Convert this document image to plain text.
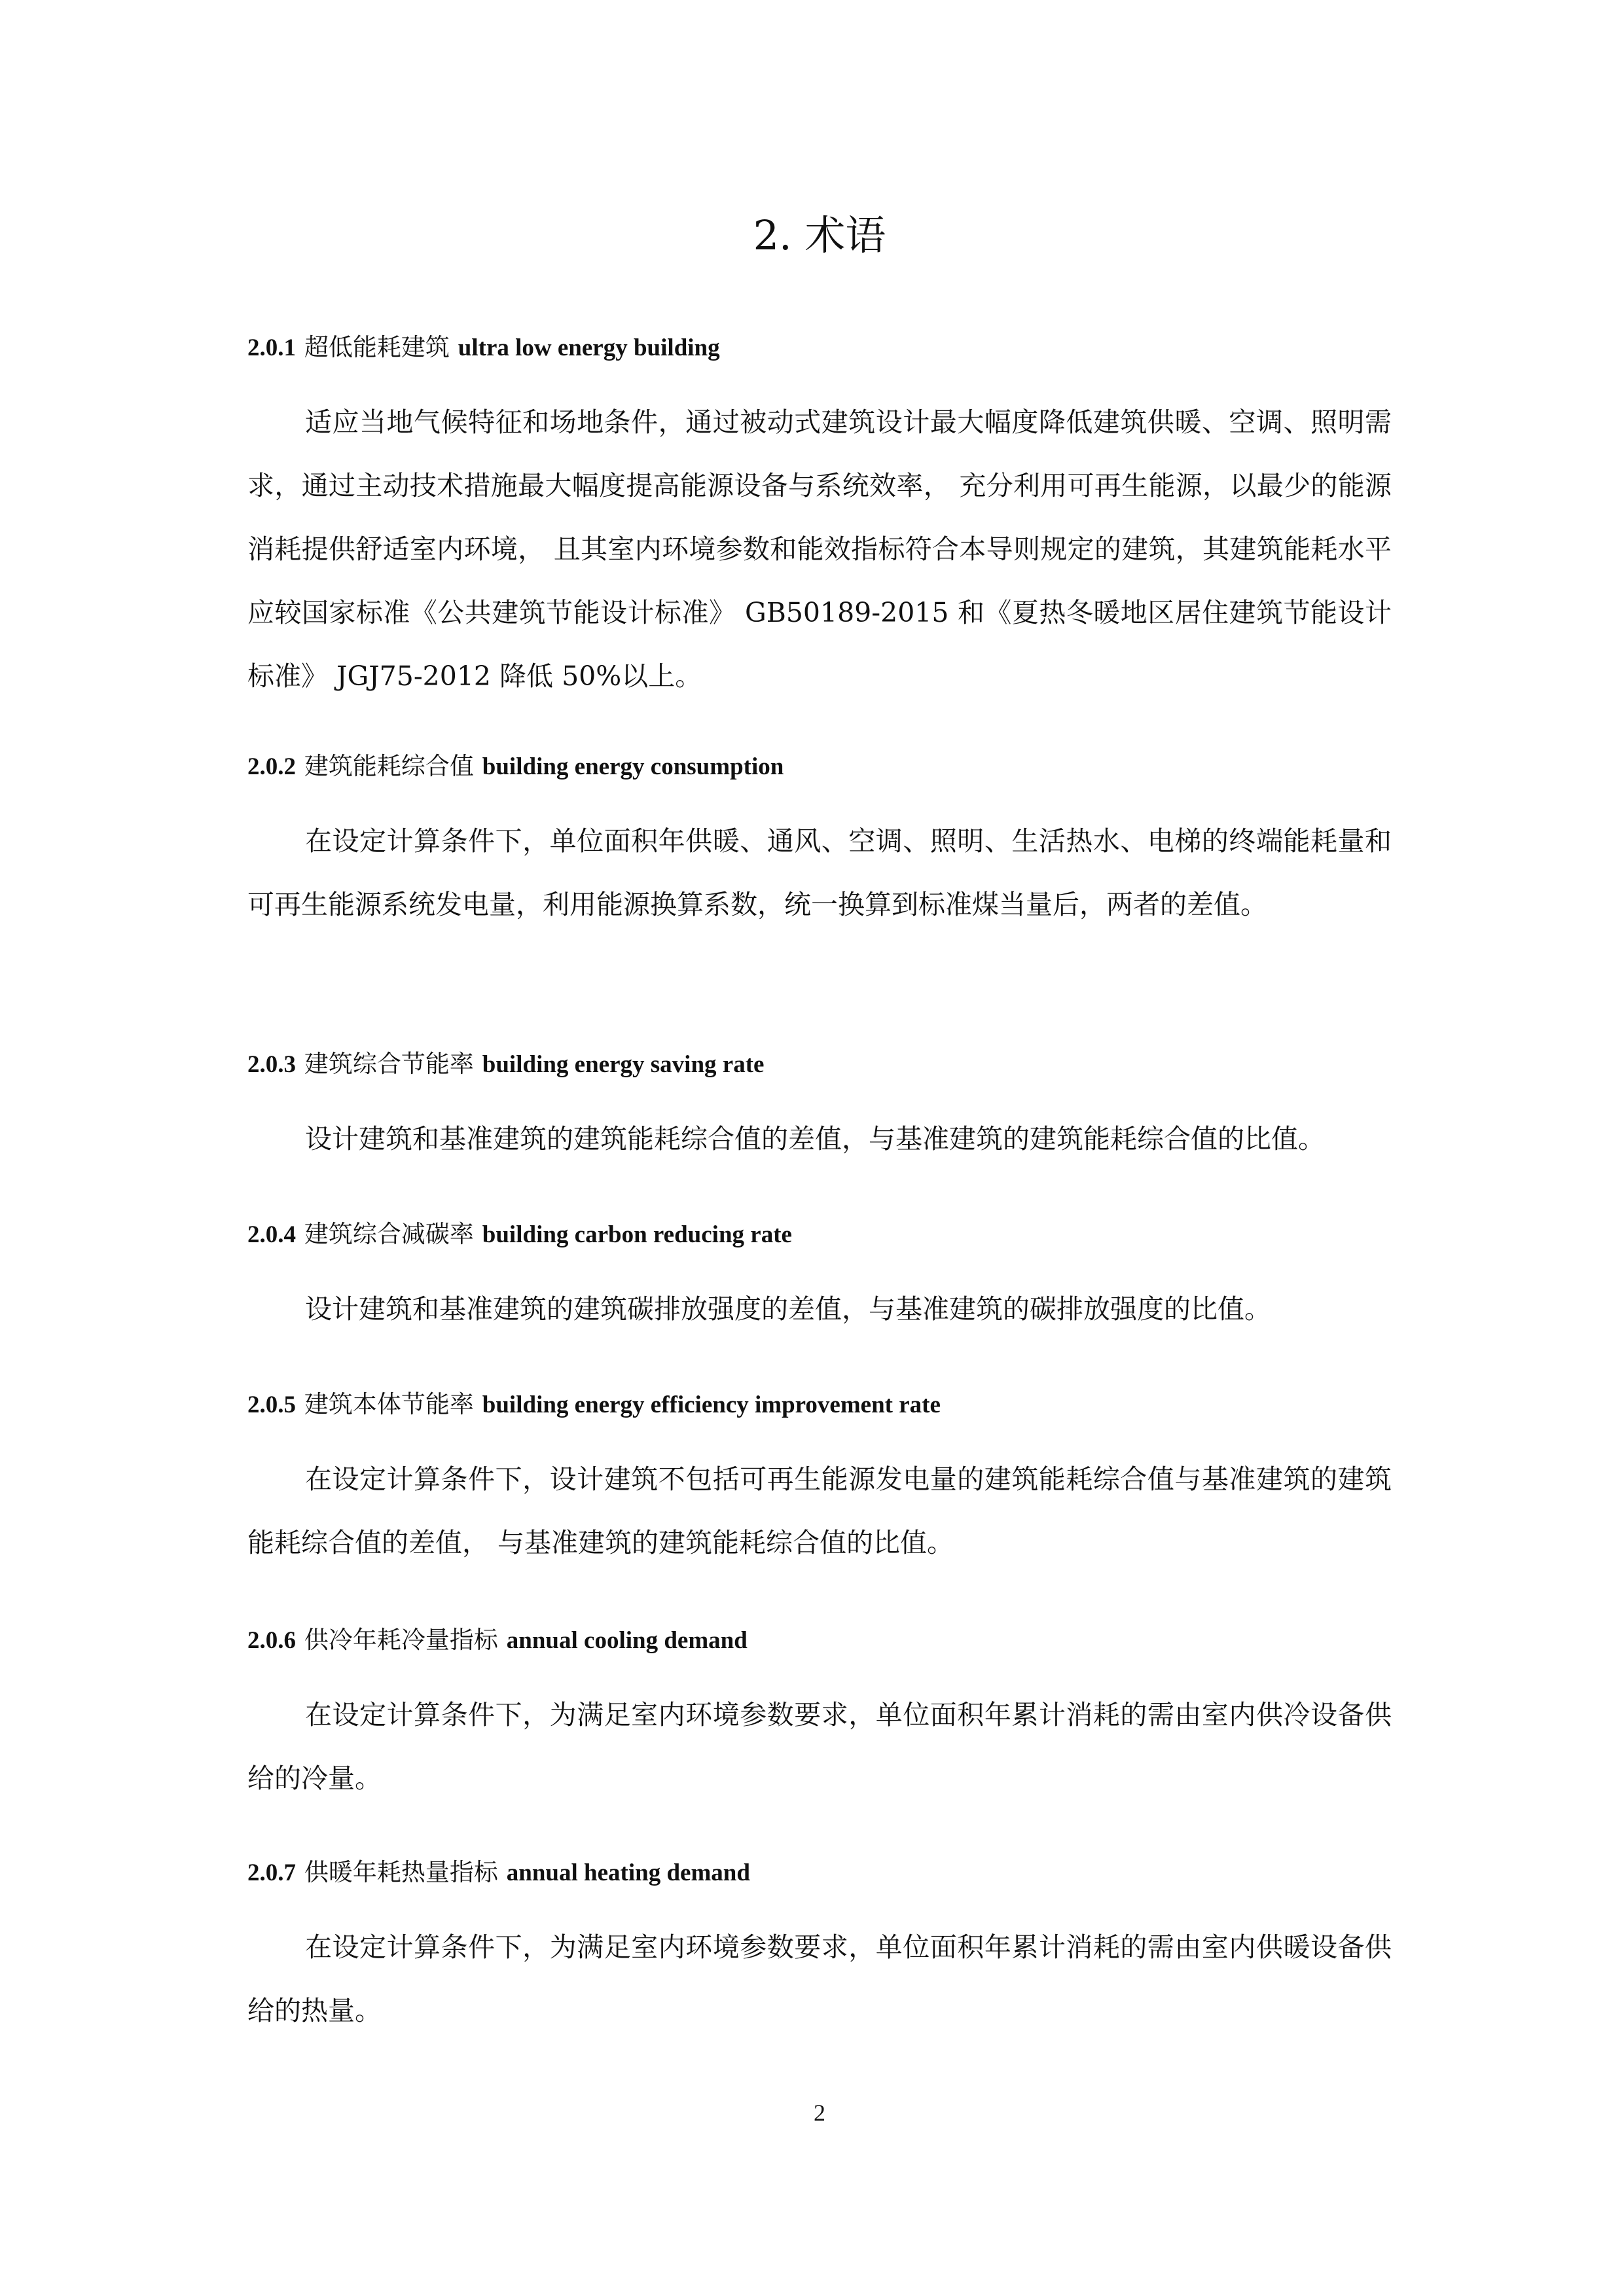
2. 术语

2.0.1 超低能耗建筑 ultra low energy building

适应当地气候特征和场地条件，通过被动式建筑设计最大幅度降低建筑供暖、空调、照明需求，通过主动技术措施最大幅度提高能源设备与系统效率， 充分利用可再生能源，以最少的能源消耗提供舒适室内环境， 且其室内环境参数和能效指标符合本导则规定的建筑，其建筑能耗水平应较国家标准《公共建筑节能设计标准》 GB50189-2015 和《夏热冬暖地区居住建筑节能设计标准》 JGJ75-2012 降低 50%以上。

2.0.2 建筑能耗综合值 building energy consumption

在设定计算条件下，单位面积年供暖、通风、空调、照明、生活热水、电梯的终端能耗量和可再生能源系统发电量，利用能源换算系数，统一换算到标准煤当量后，两者的差值。

2.0.3 建筑综合节能率 building energy saving rate

设计建筑和基准建筑的建筑能耗综合值的差值，与基准建筑的建筑能耗综合值的比值。

2.0.4 建筑综合减碳率 building carbon reducing rate

设计建筑和基准建筑的建筑碳排放强度的差值，与基准建筑的碳排放强度的比值。

2.0.5 建筑本体节能率 building energy efficiency improvement rate

在设定计算条件下，设计建筑不包括可再生能源发电量的建筑能耗综合值与基准建筑的建筑能耗综合值的差值， 与基准建筑的建筑能耗综合值的比值。

2.0.6 供冷年耗冷量指标 annual cooling demand

在设定计算条件下，为满足室内环境参数要求，单位面积年累计消耗的需由室内供冷设备供给的冷量。

2.0.7 供暖年耗热量指标 annual heating demand

在设定计算条件下，为满足室内环境参数要求，单位面积年累计消耗的需由室内供暖设备供给的热量。

2
